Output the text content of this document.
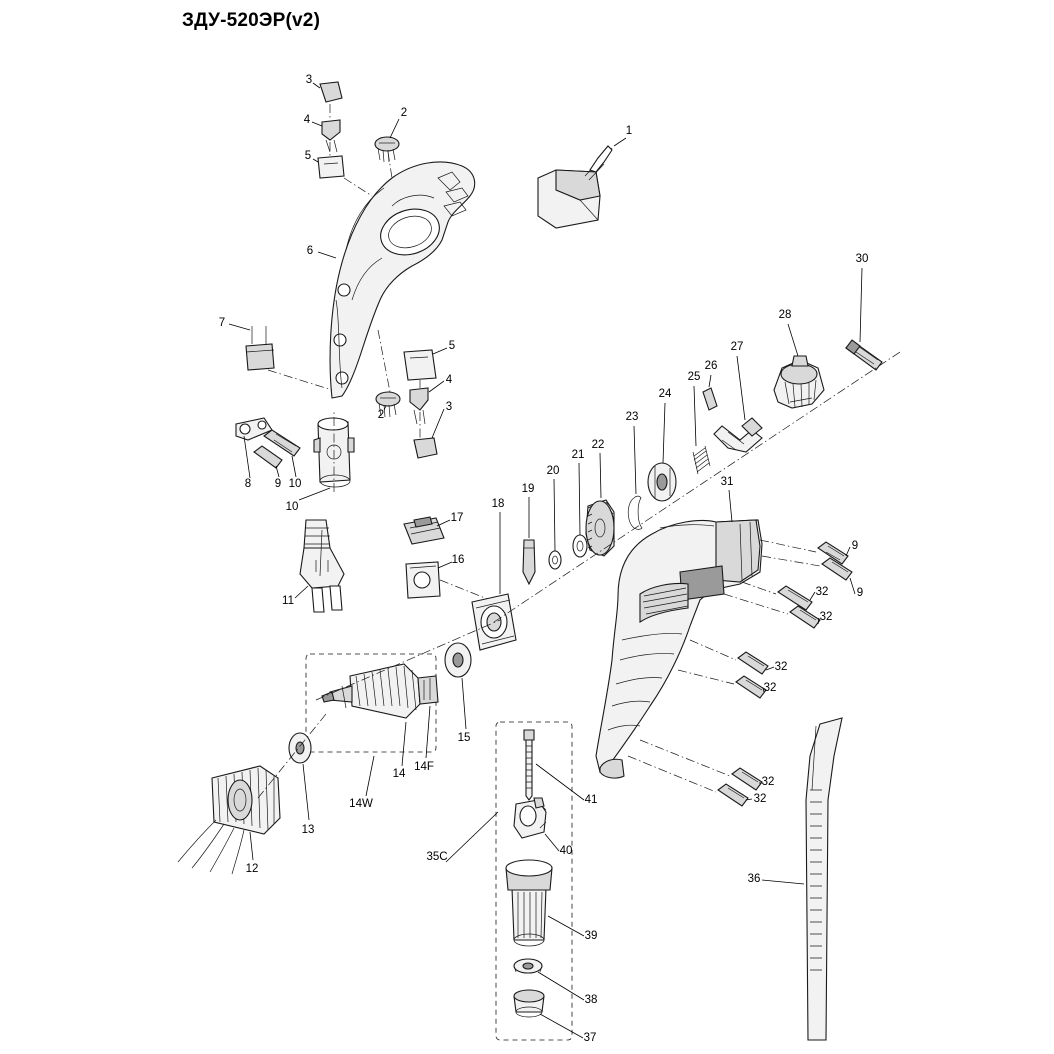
ЗДУ-520ЭР(v2)
3
2
4
1
5
6
30
28
7
5	27
26
25
4
24
3
2	23
22
21
20
8 9 10	19
18
10
31
17
9
16
9
11
32
32
32
32
15
14F
14
32
14W	32
41
13
40
35C
12
36
39
38
37
